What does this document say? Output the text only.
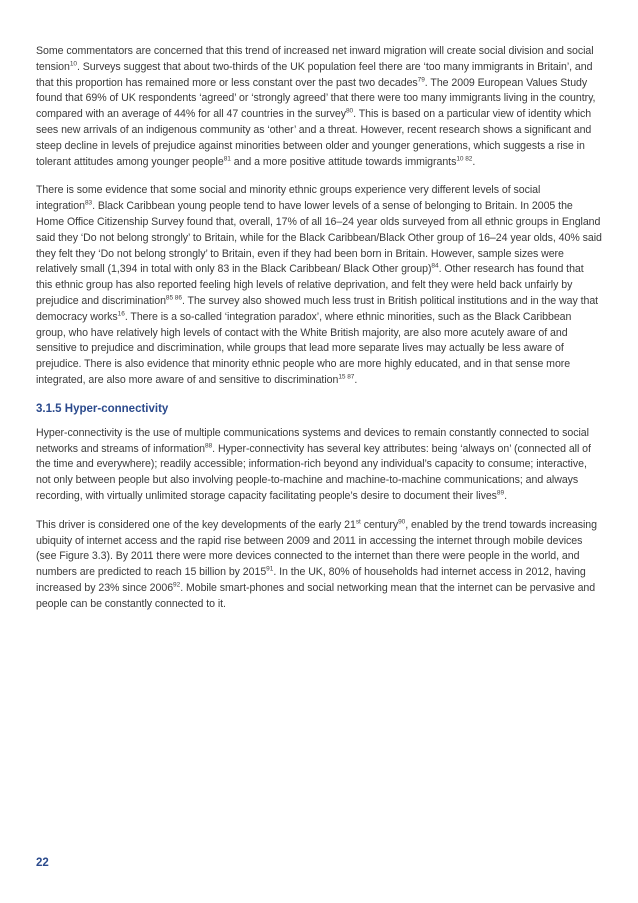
Some commentators are concerned that this trend of increased net inward migration will create social division and social tension$^{10}$. Surveys suggest that about two-thirds of the UK population feel there are ‘too many immigrants in Britain’, and that this proportion has remained more or less constant over the past two decades$^{79}$. The 2009 European Values Study found that 69% of UK respondents ‘agreed’ or ‘strongly agreed’ that there were too many immigrants living in the country, compared with an average of 44% for all 47 countries in the survey$^{80}$. This is based on a particular view of identity which sees new arrivals of an indigenous community as ‘other’ and a threat. However, recent research shows a significant and steep decline in levels of prejudice against minorities between older and younger generations, which suggests a rise in tolerant attitudes among younger people$^{81}$ and a more positive attitude towards immigrants$^{10 82}$.

There is some evidence that some social and minority ethnic groups experience very different levels of social integration$^{83}$. Black Caribbean young people tend to have lower levels of a sense of belonging to Britain. In 2005 the Home Office Citizenship Survey found that, overall, 17% of all 16–24 year olds surveyed from all ethnic groups in England said they ‘Do not belong strongly’ to Britain, while for the Black Caribbean/Black Other group of 16–24 year olds, 40% said they felt they ‘Do not belong strongly’ to Britain, even if they had been born in Britain. However, sample sizes were relatively small (1,394 in total with only 83 in the Black Caribbean/ Black Other group)$^{84}$. Other research has found that this ethnic group has also reported feeling high levels of relative deprivation, and felt they were held back unfairly by prejudice and discrimination$^{85 86}$. The survey also showed much less trust in British political institutions and in the way that democracy works$^{16}$. There is a so-called ‘integration paradox’, where ethnic minorities, such as the Black Caribbean group, who have relatively high levels of contact with the White British majority, are also more acutely aware of and sensitive to prejudice and discrimination, while groups that lead more separate lives may actually be less aware of prejudice. There is also evidence that minority ethnic people who are more highly educated, and in that sense more integrated, are also more aware of and sensitive to discrimination$^{15 87}$.

3.1.5 Hyper-connectivity

Hyper-connectivity is the use of multiple communications systems and devices to remain constantly connected to social networks and streams of information$^{88}$. Hyper-connectivity has several key attributes: being ‘always on’ (connected all of the time and everywhere); readily accessible; information-rich beyond any individual’s capacity to consume; interactive, not only between people but also involving people-to-machine and machine-to-machine communications; and always recording, with virtually unlimited storage capacity facilitating people’s desire to document their lives$^{89}$.

This driver is considered one of the key developments of the early 21st century$^{90}$, enabled by the trend towards increasing ubiquity of internet access and the rapid rise between 2009 and 2011 in accessing the internet through mobile devices (see Figure 3.3). By 2011 there were more devices connected to the internet than there were people in the world, and numbers are predicted to reach 15 billion by 2015$^{91}$. In the UK, 80% of households had internet access in 2012, having increased by 23% since 2006$^{92}$. Mobile smart-phones and social networking mean that the internet can be pervasive and people can be constantly connected to it.

22
